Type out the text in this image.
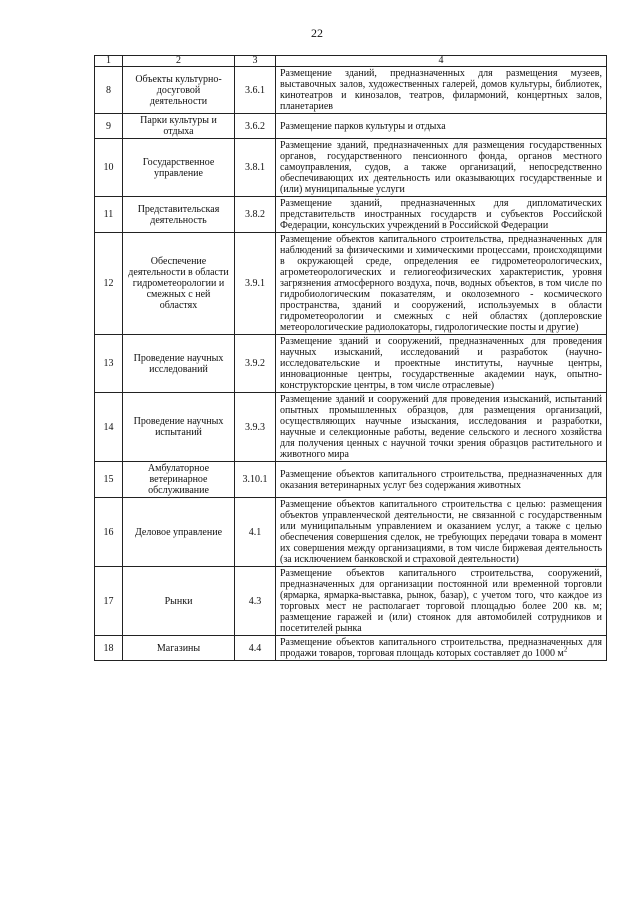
22
1	2	3	4
8	Объекты культурно-досуговой деятельности	3.6.1	Размещение зданий, предназначенных для размещения музеев, выставочных залов, художественных галерей, домов культуры, библиотек, кинотеатров и кинозалов, театров, филармоний, концертных залов, планетариев
9	Парки культуры и отдыха	3.6.2	Размещение парков культуры и отдыха
10	Государственное управление	3.8.1	Размещение зданий, предназначенных для размещения государственных органов, государственного пенсионного фонда, органов местного самоуправления, судов, а также организаций, непосредственно обеспечивающих их деятельность или оказывающих государственные и (или) муниципальные услуги
11	Представительская деятельность	3.8.2	Размещение зданий, предназначенных для дипломатических представительств иностранных государств и субъектов Российской Федерации, консульских учреждений в Российской Федерации
12	Обеспечение деятельности в области гидрометеорологии и смежных с ней областях	3.9.1	Размещение объектов капитального строительства, предназначенных для наблюдений за физическими и химическими процессами, происходящими в окружающей среде, определения ее гидрометеорологических, агрометеорологических и гелиогеофизических характеристик, уровня загрязнения атмосферного воздуха, почв, водных объектов, в том числе по гидробиологическим показателям, и околоземного - космического пространства, зданий и сооружений, используемых в области гидрометеорологии и смежных с ней областях (доплеровские метеорологические радиолокаторы, гидрологические посты и другие)
13	Проведение научных исследований	3.9.2	Размещение зданий и сооружений, предназначенных для проведения научных изысканий, исследований и разработок (научно-исследовательские и проектные институты, научные центры, инновационные центры, государственные академии наук, опытно-конструкторские центры, в том числе отраслевые)
14	Проведение научных испытаний	3.9.3	Размещение зданий и сооружений для проведения изысканий, испытаний опытных промышленных образцов, для размещения организаций, осуществляющих научные изыскания, исследования и разработки, научные и селекционные работы, ведение сельского и лесного хозяйства для получения ценных с научной точки зрения образцов растительного и животного мира
15	Амбулаторное ветеринарное обслуживание	3.10.1	Размещение объектов капитального строительства, предназначенных для оказания ветеринарных услуг без содержания животных
16	Деловое управление	4.1	Размещение объектов капитального строительства с целью: размещения объектов управленческой деятельности, не связанной с государственным или муниципальным управлением и оказанием услуг, а также с целью обеспечения совершения сделок, не требующих передачи товара в момент их совершения между организациями, в том числе биржевая деятельность (за исключением банковской и страховой деятельности)
17	Рынки	4.3	Размещение объектов капитального строительства, сооружений, предназначенных для организации постоянной или временной торговли (ярмарка, ярмарка-выставка, рынок, базар), с учетом того, что каждое из торговых мест не располагает торговой площадью более 200 кв. м; размещение гаражей и (или) стоянок для автомобилей сотрудников и посетителей рынка
18	Магазины	4.4	Размещение объектов капитального строительства, предназначенных для продажи товаров, торговая площадь которых составляет до 1000 $м^2$
